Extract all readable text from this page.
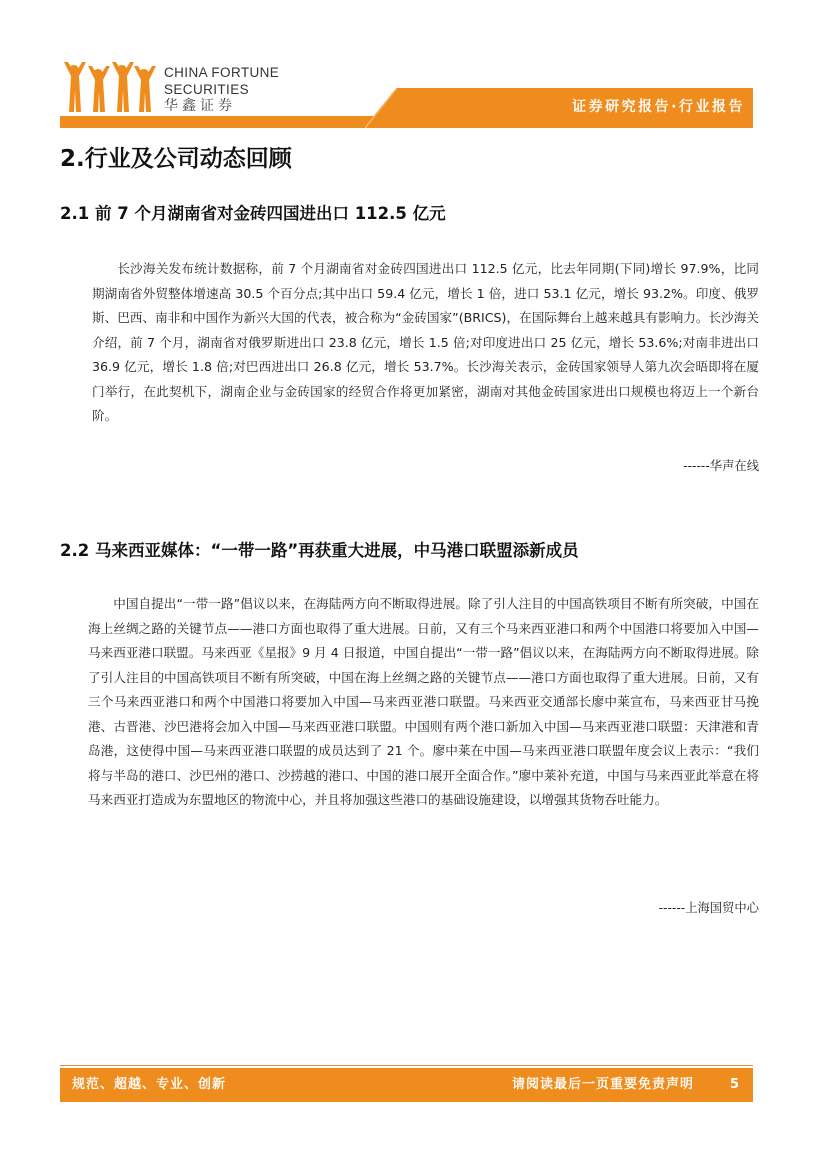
CHINA FORTUNE
SECURITIES
华鑫证券	证券研究报告·行业报告
2.行业及公司动态回顾
2.1 前 7 个月湖南省对金砖四国进出口 112.5 亿元

长沙海关发布统计数据称，前 7 个月湖南省对金砖四国进出口 112.5 亿元，比去年同期(下同)增长 97.9%，比同期湖南省外贸整体增速高 30.5 个百分点;其中出口 59.4 亿元，增长 1 倍，进口 53.1 亿元，增长 93.2%。印度、俄罗斯、巴西、南非和中国作为新兴大国的代表，被合称为“金砖国家”(BRICS)，在国际舞台上越来越具有影响力。长沙海关介绍，前 7 个月，湖南省对俄罗斯进出口 23.8 亿元，增长 1.5 倍;对印度进出口 25 亿元，增长 53.6%;对南非进出口 36.9 亿元，增长 1.8 倍;对巴西进出口 26.8 亿元，增长 53.7%。长沙海关表示，金砖国家领导人第九次会晤即将在厦门举行，在此契机下，湖南企业与金砖国家的经贸合作将更加紧密，湖南对其他金砖国家进出口规模也将迈上一个新台阶。

------华声在线
2.2 马来西亚媒体：“一带一路”再获重大进展，中马港口联盟添新成员

中国自提出“一带一路”倡议以来，在海陆两方向不断取得进展。除了引人注目的中国高铁项目不断有所突破，中国在海上丝绸之路的关键节点——港口方面也取得了重大进展。日前，又有三个马来西亚港口和两个中国港口将要加入中国—马来西亚港口联盟。马来西亚《星报》9 月 4 日报道，中国自提出“一带一路”倡议以来，在海陆两方向不断取得进展。除了引人注目的中国高铁项目不断有所突破，中国在海上丝绸之路的关键节点——港口方面也取得了重大进展。日前，又有三个马来西亚港口和两个中国港口将要加入中国—马来西亚港口联盟。马来西亚交通部长廖中莱宣布，马来西亚甘马挽港、古晋港、沙巴港将会加入中国—马来西亚港口联盟。中国则有两个港口新加入中国—马来西亚港口联盟：天津港和青岛港，这使得中国—马来西亚港口联盟的成员达到了 21 个。廖中莱在中国—马来西亚港口联盟年度会议上表示：“我们将与半岛的港口、沙巴州的港口、沙捞越的港口、中国的港口展开全面合作。”廖中莱补充道，中国与马来西亚此举意在将马来西亚打造成为东盟地区的物流中心，并且将加强这些港口的基础设施建设，以增强其货物吞吐能力。

------上海国贸中心
规范、超越、专业、创新	请阅读最后一页重要免责声明	5
